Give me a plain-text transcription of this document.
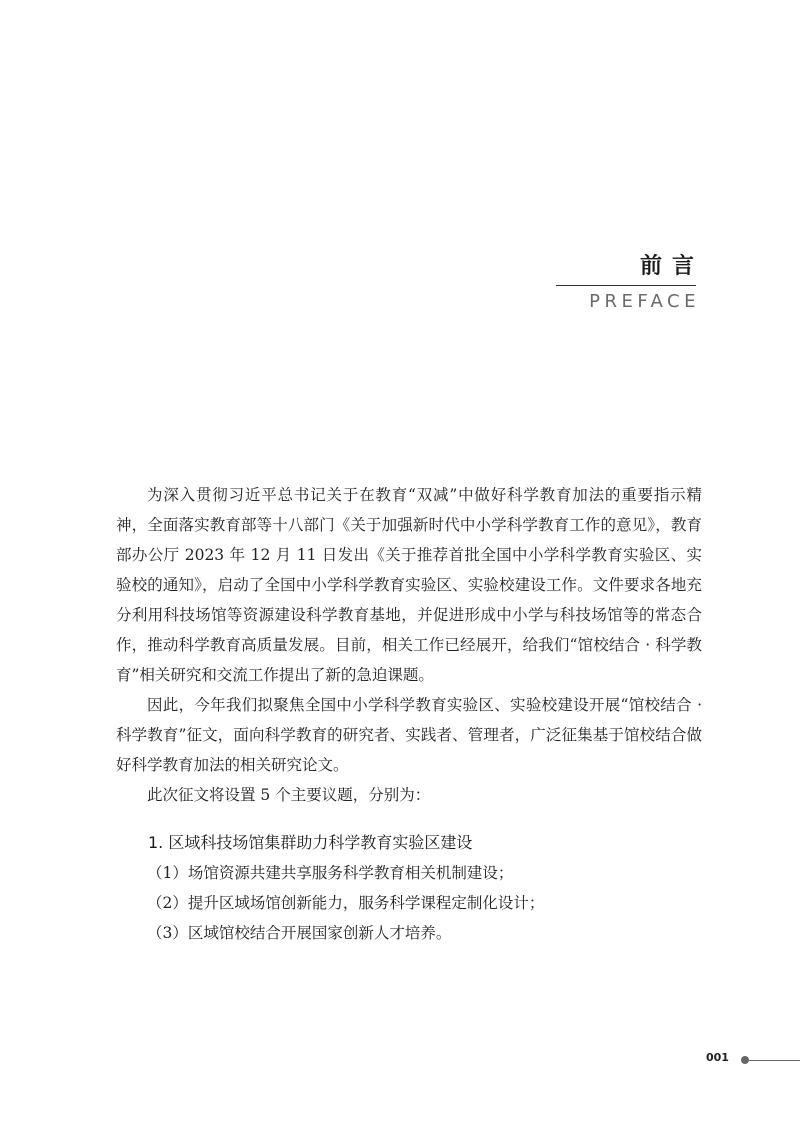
前言
PREFACE

为深入贯彻习近平总书记关于在教育“双减”中做好科学教育加法的重要指示精神，全面落实教育部等十八部门《关于加强新时代中小学科学教育工作的意见》，教育部办公厅 2023 年 12 月 11 日发出《关于推荐首批全国中小学科学教育实验区、实验校的通知》，启动了全国中小学科学教育实验区、实验校建设工作。文件要求各地充分利用科技场馆等资源建设科学教育基地，并促进形成中小学与科技场馆等的常态合作，推动科学教育高质量发展。目前，相关工作已经展开，给我们“馆校结合 · 科学教育”相关研究和交流工作提出了新的急迫课题。

因此，今年我们拟聚焦全国中小学科学教育实验区、实验校建设开展“馆校结合 · 科学教育”征文，面向科学教育的研究者、实践者、管理者，广泛征集基于馆校结合做好科学教育加法的相关研究论文。

此次征文将设置 5 个主要议题，分别为：

1. 区域科技场馆集群助力科学教育实验区建设

（1）场馆资源共建共享服务科学教育相关机制建设；

（2）提升区域场馆创新能力，服务科学课程定制化设计；

（3）区域馆校结合开展国家创新人才培养。

001
